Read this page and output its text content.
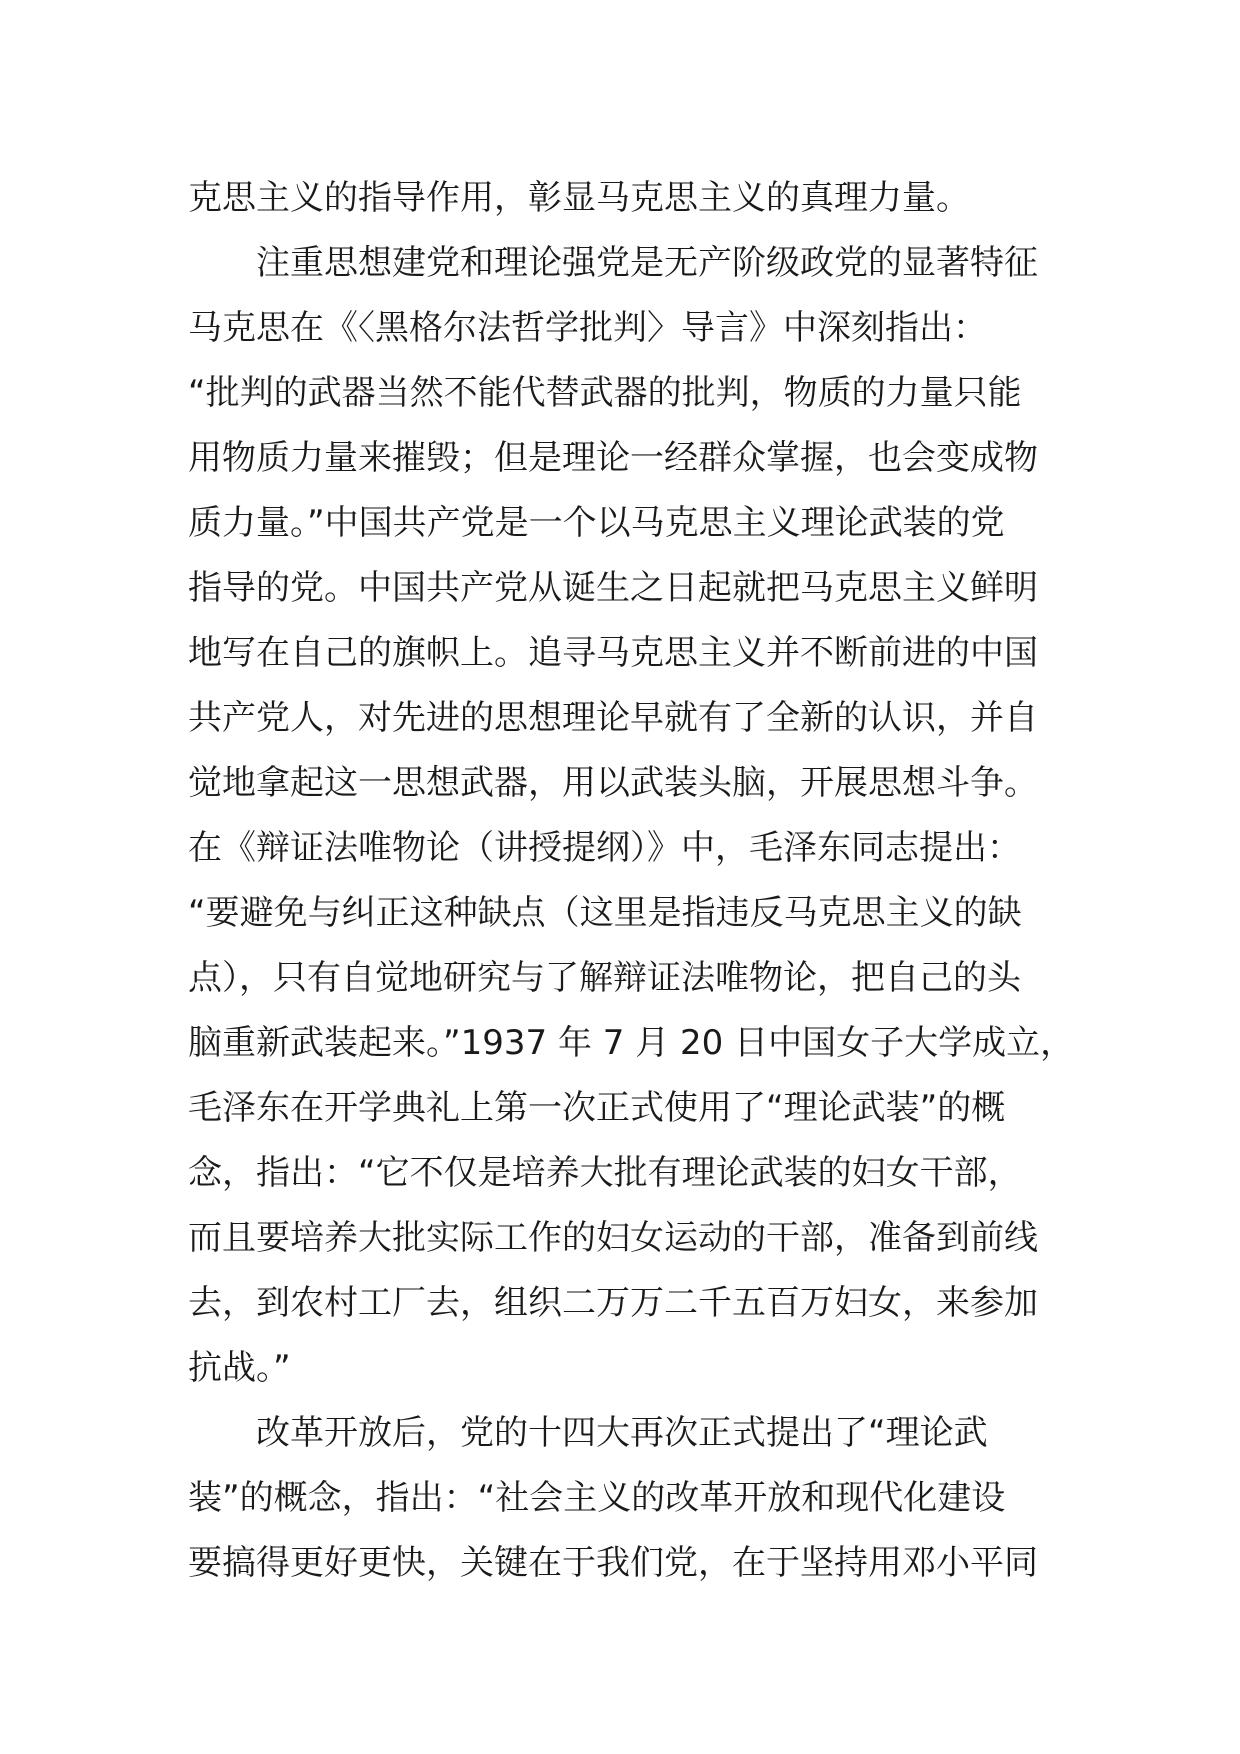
克思主义的指导作用，彰显马克思主义的真理力量。
注重思想建党和理论强党是无产阶级政党的显著特征
马克思在《〈黑格尔法哲学批判〉导言》中深刻指出：
“批判的武器当然不能代替武器的批判，物质的力量只能
用物质力量来摧毁；但是理论一经群众掌握，也会变成物
质力量。”中国共产党是一个以马克思主义理论武装的党
指导的党。中国共产党从诞生之日起就把马克思主义鲜明
地写在自己的旗帜上。追寻马克思主义并不断前进的中国
共产党人，对先进的思想理论早就有了全新的认识，并自
觉地拿起这一思想武器，用以武装头脑，开展思想斗争。
在《辩证法唯物论（讲授提纲）》中，毛泽东同志提出：
“要避免与纠正这种缺点（这里是指违反马克思主义的缺
点），只有自觉地研究与了解辩证法唯物论，把自己的头
脑重新武装起来。”1937 年 7 月 20 日中国女子大学成立，
毛泽东在开学典礼上第一次正式使用了“理论武装”的概
念，指出：“它不仅是培养大批有理论武装的妇女干部，
而且要培养大批实际工作的妇女运动的干部，准备到前线
去，到农村工厂去，组织二万万二千五百万妇女，来参加
抗战。”
改革开放后，党的十四大再次正式提出了“理论武
装”的概念，指出：“社会主义的改革开放和现代化建设
要搞得更好更快，关键在于我们党，在于坚持用邓小平同
